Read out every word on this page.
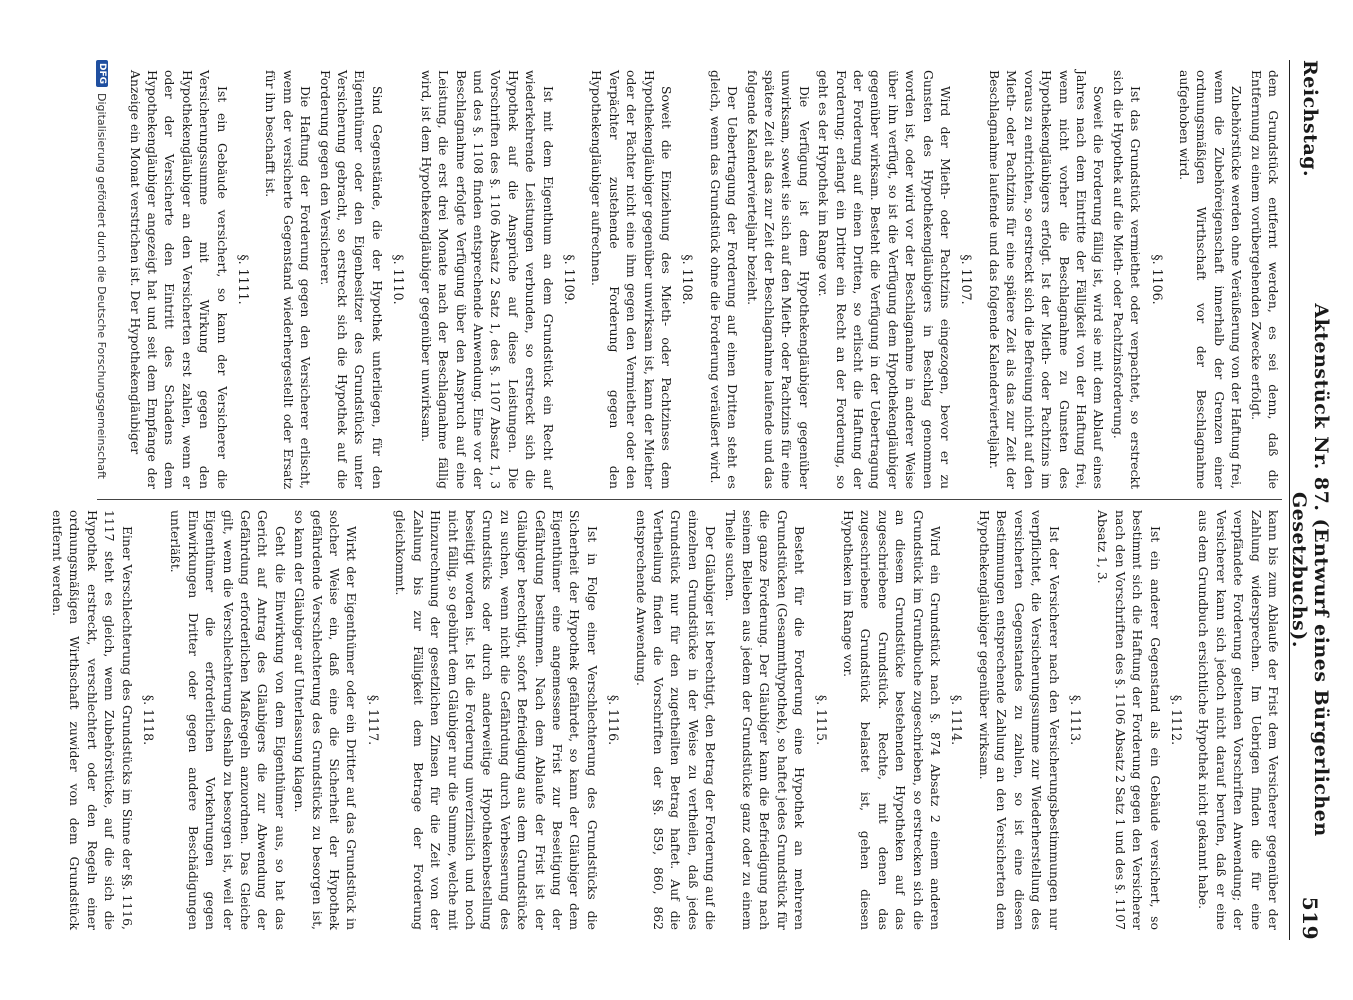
Reichstag.
Aktenstück Nr. 87. (Entwurf eines Bürgerlichen Gesetzbuchs).
519

dem Grundstück entfernt werden, es sei denn, daß die Entfernung zu einem vorübergehenden Zwecke erfolgt.

Zubehörstücke werden ohne Veräußerung von der Haftung frei, wenn die Zubehöreigenschaft innerhalb der Grenzen einer ordnungsmäßigen Wirthschaft vor der Beschlagnahme aufgehoben wird.

§. 1106.

Ist das Grundstück vermiethet oder verpachtet, so erstreckt sich die Hypothek auf die Mieth- oder Pachtzinsforderung.

Soweit die Forderung fällig ist, wird sie mit dem Ablauf eines Jahres nach dem Eintritte der Fälligkeit von der Haftung frei, wenn nicht vorher die Beschlagnahme zu Gunsten des Hypothekengläubigers erfolgt. Ist der Mieth- oder Pachtzins im voraus zu entrichten, so erstreckt sich die Befreiung nicht auf den Mieth- oder Pachtzins für eine spätere Zeit als das zur Zeit der Beschlagnahme laufende und das folgende Kalendervierteljahr.

§. 1107.

Wird der Mieth- oder Pachtzins eingezogen, bevor er zu Gunsten des Hypothekengläubigers in Beschlag genommen worden ist, oder wird vor der Beschlagnahme in anderer Weise über ihn verfügt, so ist die Verfügung dem Hypothekengläubiger gegenüber wirksam. Besteht die Verfügung in der Uebertragung der Forderung auf einen Dritten, so erlischt die Haftung der Forderung; erlangt ein Dritter ein Recht an der Forderung, so geht es der Hypothek im Range vor.

Die Verfügung ist dem Hypothekengläubiger gegenüber unwirksam, soweit sie sich auf den Mieth- oder Pachtzins für eine spätere Zeit als das zur Zeit der Beschlagnahme laufende und das folgende Kalendervierteljahr bezieht.

Der Uebertragung der Forderung auf einen Dritten steht es gleich, wenn das Grundstück ohne die Forderung veräußert wird.

§. 1108.

Soweit die Einziehung des Mieth- oder Pachtzinses dem Hypothekengläubiger gegenüber unwirksam ist, kann der Miether oder der Pächter nicht eine ihm gegen den Vermiether oder den Verpächter zustehende Forderung gegen den Hypothekengläubiger aufrechnen.

§. 1109.

Ist mit dem Eigenthum an dem Grundstück ein Recht auf wiederkehrende Leistungen verbunden, so erstreckt sich die Hypothek auf die Ansprüche auf diese Leistungen. Die Vorschriften des §. 1106 Absatz 2 Satz 1, des §. 1107 Absatz 1, 3 und des §. 1108 finden entsprechende Anwendung. Eine vor der Beschlagnahme erfolgte Verfügung über den Anspruch auf eine Leistung, die erst drei Monate nach der Beschlagnahme fällig wird, ist dem Hypothekengläubiger gegenüber unwirksam.

§. 1110.

Sind Gegenstände, die der Hypothek unterliegen, für den Eigenthümer oder den Eigenbesitzer des Grundstücks unter Versicherung gebracht, so erstreckt sich die Hypothek auf die Forderung gegen den Versicherer.

Die Haftung der Forderung gegen den Versicherer erlischt, wenn der versicherte Gegenstand wiederhergestellt oder Ersatz für ihn beschafft ist.

§. 1111.

Ist ein Gebäude versichert, so kann der Versicherer die Versicherungssumme mit Wirkung gegen den Hypothekengläubiger an den Versicherten erst zahlen, wenn er oder der Versicherte den Eintritt des Schadens dem Hypothekengläubiger angezeigt hat und seit dem Empfange der Anzeige ein Monat verstrichen ist. Der Hypothekengläubiger

kann bis zum Ablaufe der Frist dem Versicherer gegenüber der Zahlung widersprechen. Im Uebrigen finden die für eine verpfändete Forderung geltenden Vorschriften Anwendung; der Versicherer kann sich jedoch nicht darauf berufen, daß er eine aus dem Grundbuch ersichtliche Hypothek nicht gekannt habe.

§. 1112.

Ist ein anderer Gegenstand als ein Gebäude versichert, so bestimmt sich die Haftung der Forderung gegen den Versicherer nach den Vorschriften des §. 1106 Absatz 2 Satz 1 und des §. 1107 Absatz 1, 3.

§. 1113.

Ist der Versicherer nach den Versicherungsbestimmungen nur verpflichtet, die Versicherungssumme zur Wiederherstellung des versicherten Gegenstandes zu zahlen, so ist eine diesen Bestimmungen entsprechende Zahlung an den Versicherten dem Hypothekengläubiger gegenüber wirksam.

§. 1114.

Wird ein Grundstück nach §. 874 Absatz 2 einem anderen Grundstück im Grundbuche zugeschrieben, so erstrecken sich die an diesem Grundstücke bestehenden Hypotheken auf das zugeschriebene Grundstück. Rechte, mit denen das zugeschriebene Grundstück belastet ist, gehen diesen Hypotheken im Range vor.

§. 1115.

Besteht für die Forderung eine Hypothek an mehreren Grundstücken (Gesammthypothek), so haftet jedes Grundstück für die ganze Forderung. Der Gläubiger kann die Befriedigung nach seinem Belieben aus jedem der Grundstücke ganz oder zu einem Theile suchen.

Der Gläubiger ist berechtigt, den Betrag der Forderung auf die einzelnen Grundstücke in der Weise zu vertheilen, daß jedes Grundstück nur für den zugetheilten Betrag haftet. Auf die Vertheilung finden die Vorschriften der §§. 859, 860, 862 entsprechende Anwendung.

§. 1116.

Ist in Folge einer Verschlechterung des Grundstücks die Sicherheit der Hypothek gefährdet, so kann der Gläubiger dem Eigenthümer eine angemessene Frist zur Beseitigung der Gefährdung bestimmen. Nach dem Ablaufe der Frist ist der Gläubiger berechtigt, sofort Befriedigung aus dem Grundstücke zu suchen, wenn nicht die Gefährdung durch Verbesserung des Grundstücks oder durch anderweitige Hypothekenbestellung beseitigt worden ist. Ist die Forderung unverzinslich und noch nicht fällig, so gebührt dem Gläubiger nur die Summe, welche mit Hinzurechnung der gesetzlichen Zinsen für die Zeit von der Zahlung bis zur Fälligkeit dem Betrage der Forderung gleichkommt.

§. 1117.

Wirkt der Eigenthümer oder ein Dritter auf das Grundstück in solcher Weise ein, daß eine die Sicherheit der Hypothek gefährdende Verschlechterung des Grundstücks zu besorgen ist, so kann der Gläubiger auf Unterlassung klagen.

Geht die Einwirkung von dem Eigenthümer aus, so hat das Gericht auf Antrag des Gläubigers die zur Abwendung der Gefährdung erforderlichen Maßregeln anzuordnen. Das Gleiche gilt, wenn die Verschlechterung deshalb zu besorgen ist, weil der Eigenthümer die erforderlichen Vorkehrungen gegen Einwirkungen Dritter oder gegen andere Beschädigungen unterläßt.

§. 1118.

Einer Verschlechterung des Grundstücks im Sinne der §§. 1116, 1117 steht es gleich, wenn Zubehörstücke, auf die sich die Hypothek erstreckt, verschlechtert oder den Regeln einer ordnungsmäßigen Wirthschaft zuwider von dem Grundstück entfernt werden.

DFG
Digitalisierung gefördert durch die Deutsche Forschungsgemeinschaft
